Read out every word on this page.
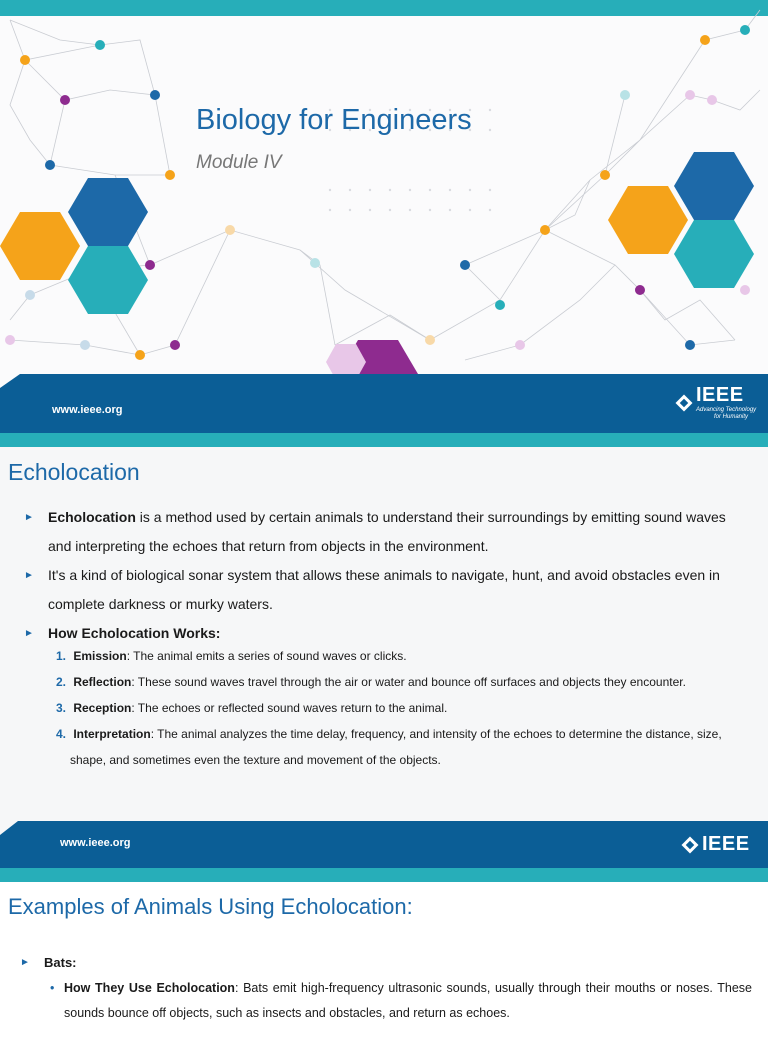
Biology for Engineers
Module IV
www.ieee.org
IEEE
Advancing Technology
for Humanity
Echolocation
► Echolocation is a method used by certain animals to understand their surroundings by emitting sound waves and interpreting the echoes that return from objects in the environment.
► It's a kind of biological sonar system that allows these animals to navigate, hunt, and avoid obstacles even in complete darkness or murky waters.
► How Echolocation Works:
1. Emission: The animal emits a series of sound waves or clicks.
2. Reflection: These sound waves travel through the air or water and bounce off surfaces and objects they encounter.
3. Reception: The echoes or reflected sound waves return to the animal.
4. Interpretation: The animal analyzes the time delay, frequency, and intensity of the echoes to determine the distance, size, shape, and sometimes even the texture and movement of the objects.
www.ieee.org	IEEE
Examples of Animals Using Echolocation:
► Bats:
• How They Use Echolocation: Bats emit high-frequency ultrasonic sounds, usually through their mouths or noses. These sounds bounce off objects, such as insects and obstacles, and return as echoes.
